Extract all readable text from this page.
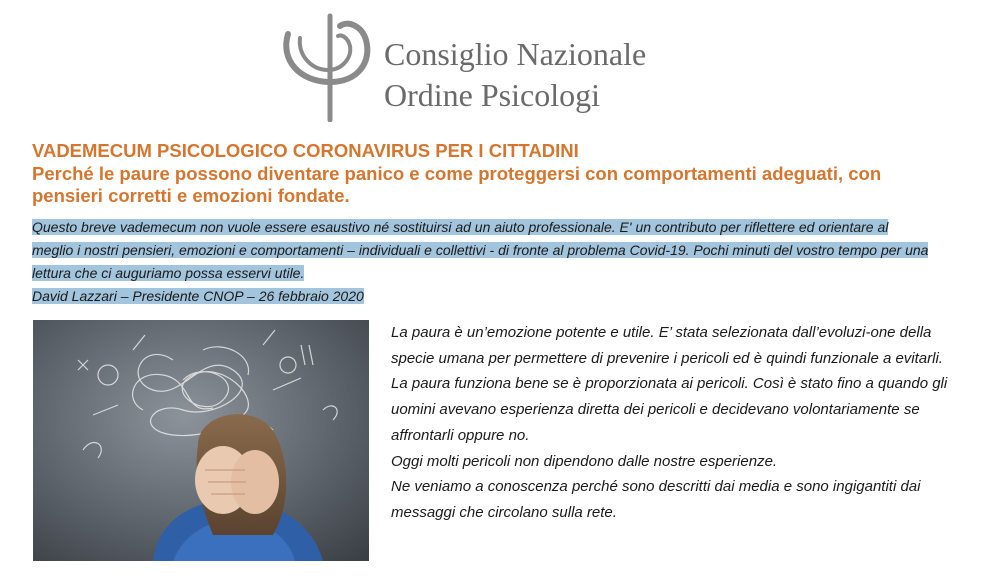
Consiglio Nazionale
Ordine Psicologi
VADEMECUM PSICOLOGICO CORONAVIRUS PER I CITTADINI
Perché le paure possono diventare panico e come proteggersi con comportamenti adeguati, con pensieri corretti e emozioni fondate.
Questo breve vademecum non vuole essere esaustivo né sostituirsi ad un aiuto professionale. E' un contributo per riflettere ed orientare al meglio i nostri pensieri, emozioni e comportamenti – individuali e collettivi - di fronte al problema Covid-19. Pochi minuti del vostro tempo per una lettura che ci auguriamo possa esservi utile.
David Lazzari – Presidente CNOP – 26 febbraio 2020

La paura è un’emozione potente e utile. E’ stata selezionata dall’evoluzi-one della specie umana per permettere di prevenire i pericoli ed è quindi funzionale a evitarli.

La paura funziona bene se è proporzionata ai pericoli. Così è stato fino a quando gli uomini avevano esperienza diretta dei pericoli e decidevano volontariamente se affrontarli oppure no.

Oggi molti pericoli non dipendono dalle nostre esperienze.

Ne veniamo a conoscenza perché sono descritti dai media e sono ingigantiti dai messaggi che circolano sulla rete.
